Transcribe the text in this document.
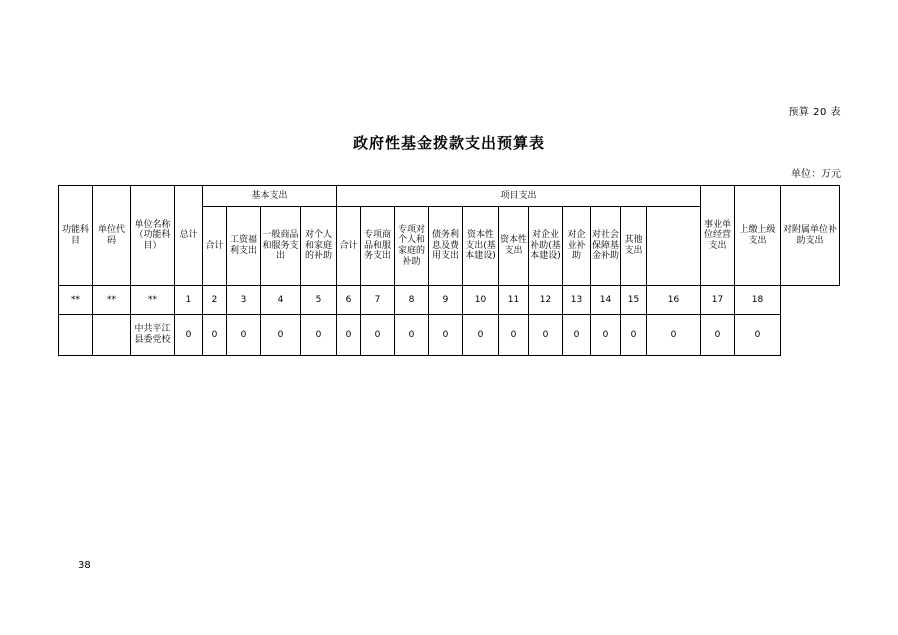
预算 20 表
政府性基金拨款支出预算表
单位：万元
功能科目	单位代码	单位名称（功能科目）	总计	基本支出				项目支出											事业单位经营支出	上缴上级支出	对附属单位补助支出
				合计	工资福利支出	一般商品和服务支出	对个人和家庭的补助	合计	专项商品和服务支出	专项对个人和家庭的补助	债务利息及费用支出	资本性支出(基本建设)	资本性支出	对企业补助(基本建设)	对企业补助	对社会保障基金补助	其他支出				
**	**	**	1	2	3	4	5	6	7	8	9	10	11	12	13	14	15	16	17	18	
		中共平江县委党校	0	0	0	0	0	0	0	0	0	0	0	0	0	0	0	0	0	0	
38
